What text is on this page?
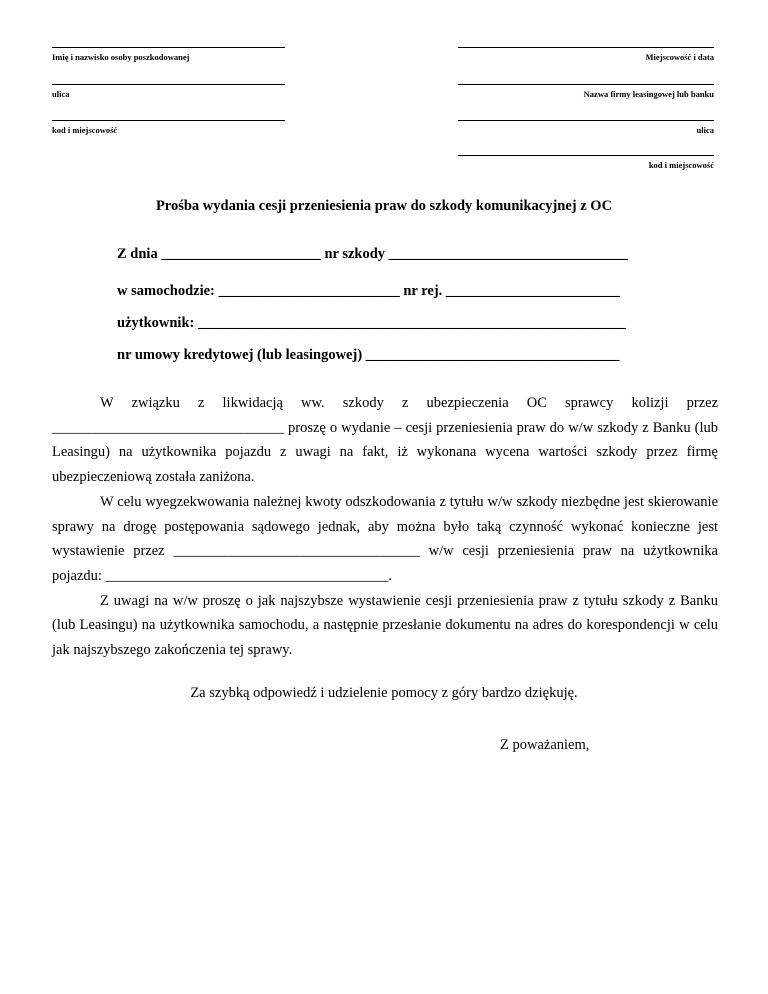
Imię i nazwisko osoby poszkodowanej
ulica
kod i miejscowość
Miejscowość i data
Nazwa firmy leasingowej lub banku
ulica
kod i miejscowość
Prośba wydania cesji przeniesienia praw do szkody komunikacyjnej z OC
Z dnia ______________________ nr szkody _________________________________
w samochodzie: _________________________ nr rej. ________________________
użytkownik: ___________________________________________________________
nr umowy kredytowej (lub leasingowej) ___________________________________

W związku z likwidacją ww. szkody z ubezpieczenia OC sprawcy kolizji przez

________________________________ proszę o wydanie – cesji przeniesienia praw do w/w szkody z Banku (lub Leasingu) na użytkownika pojazdu z uwagi na fakt, iż wykonana wycena wartości szkody przez firmę ubezpieczeniową została zaniżona.

W celu wyegzekwowania należnej kwoty odszkodowania z tytułu w/w szkody niezbędne jest skierowanie sprawy na drogę postępowania sądowego jednak, aby można było taką czynność wykonać konieczne jest wystawienie przez __________________________________ w/w cesji przeniesienia praw na użytkownika pojazdu: _______________________________________.

Z uwagi na w/w proszę o jak najszybsze wystawienie cesji przeniesienia praw z tytułu szkody z Banku (lub Leasingu) na użytkownika samochodu, a następnie przesłanie dokumentu na adres do korespondencji w celu jak najszybszego zakończenia tej sprawy.

Za szybką odpowiedź i udzielenie pomocy z góry bardzo dziękuję.
Z poważaniem,
